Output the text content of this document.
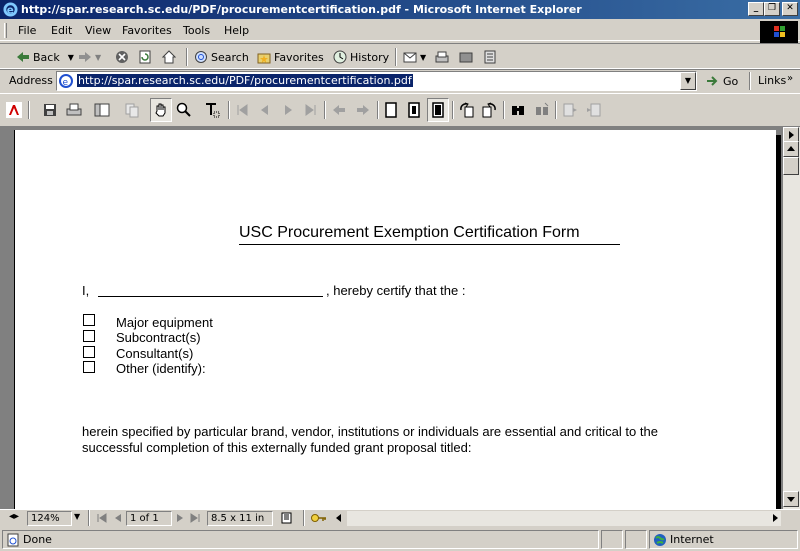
e http://spar.research.sc.edu/PDF/procurementcertification.pdf - Microsoft Internet Explorer	_	❐	✕
File Edit View Favorites Tools Help
Back ▼	▼	Search Favorites History	▼
Address e http://spar.research.sc.edu/PDF/procurementcertification.pdf	▼	Go Links »
USC Procurement Exemption Certification Form
I,	, hereby certify that the :
Major equipment
Subcontract(s)
Consultant(s)
Other (identify):
herein specified by particular brand, vendor, institutions or individuals are essential and critical to the
successful completion of this externally funded grant proposal titled:
◂▸	124%	▼	1 of 1	8.5 x 11 in
Done	Internet
